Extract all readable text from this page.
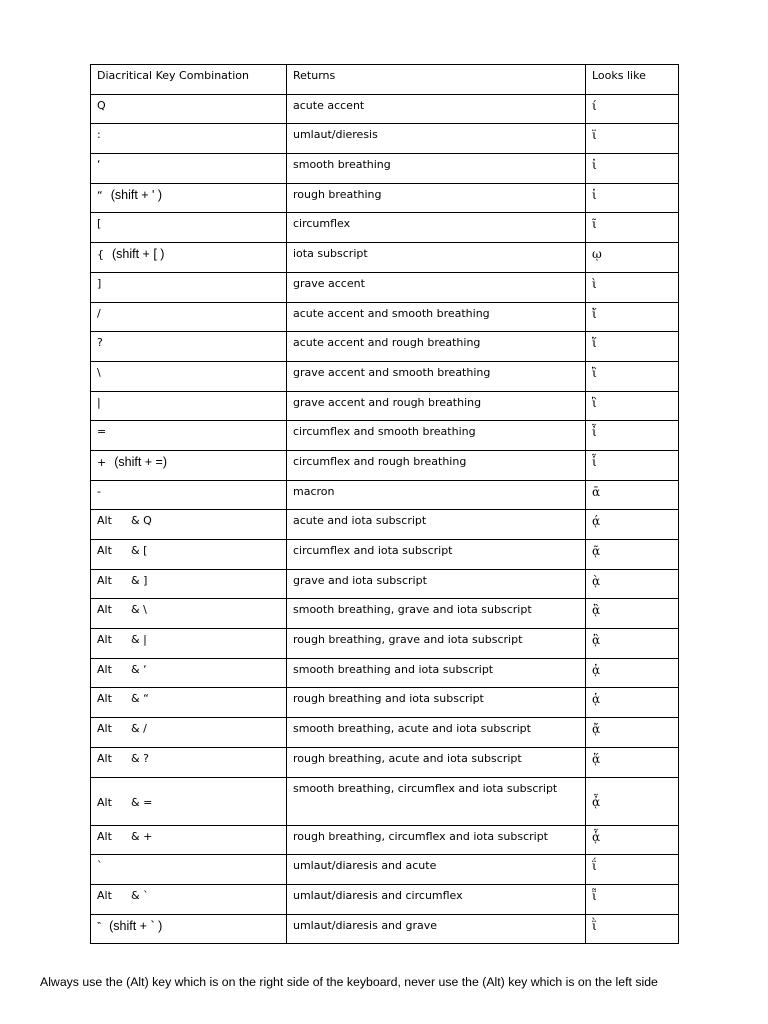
Diacritical Key Combination	Returns	Looks like
Q	acute accent	ί
:	umlaut/dieresis	ϊ
‘	smooth breathing	ἰ
“ (shift + ' )	rough breathing	ἱ
[	circumflex	ῖ
{ (shift + [ )	iota subscript	ῳ
]	grave accent	ὶ
/	acute accent and smooth breathing	ἴ
?	acute accent and rough breathing	ἵ
\	grave accent and smooth breathing	ἲ
|	grave accent and rough breathing	ἳ
=	circumflex and smooth breathing	ἶ
+ (shift + =)	circumflex and rough breathing	ἷ
-	macron	ᾱ
Alt & Q	acute and iota subscript	ᾴ
Alt & [	circumflex and iota subscript	ᾷ
Alt & ]	grave and iota subscript	ᾲ
Alt & \	smooth breathing, grave and iota subscript	ᾂ
Alt & |	rough breathing, grave and iota subscript	ᾃ
Alt & ‘	smooth breathing and iota subscript	ᾀ
Alt & “	rough breathing and iota subscript	ᾁ
Alt & /	smooth breathing, acute and iota subscript	ᾄ
Alt & ?	rough breathing, acute and iota subscript	ᾅ
Alt & =	smooth breathing, circumflex and iota subscript	ᾆ
Alt & +	rough breathing, circumflex and iota subscript	ᾇ
`	umlaut/diaresis and acute	ΐ
Alt & `	umlaut/diaresis and circumflex	ῗ
‶ (shift + ` )	umlaut/diaresis and grave	ῒ
Always use the (Alt) key which is on the right side of the keyboard, never use the (Alt) key which is on the left side
